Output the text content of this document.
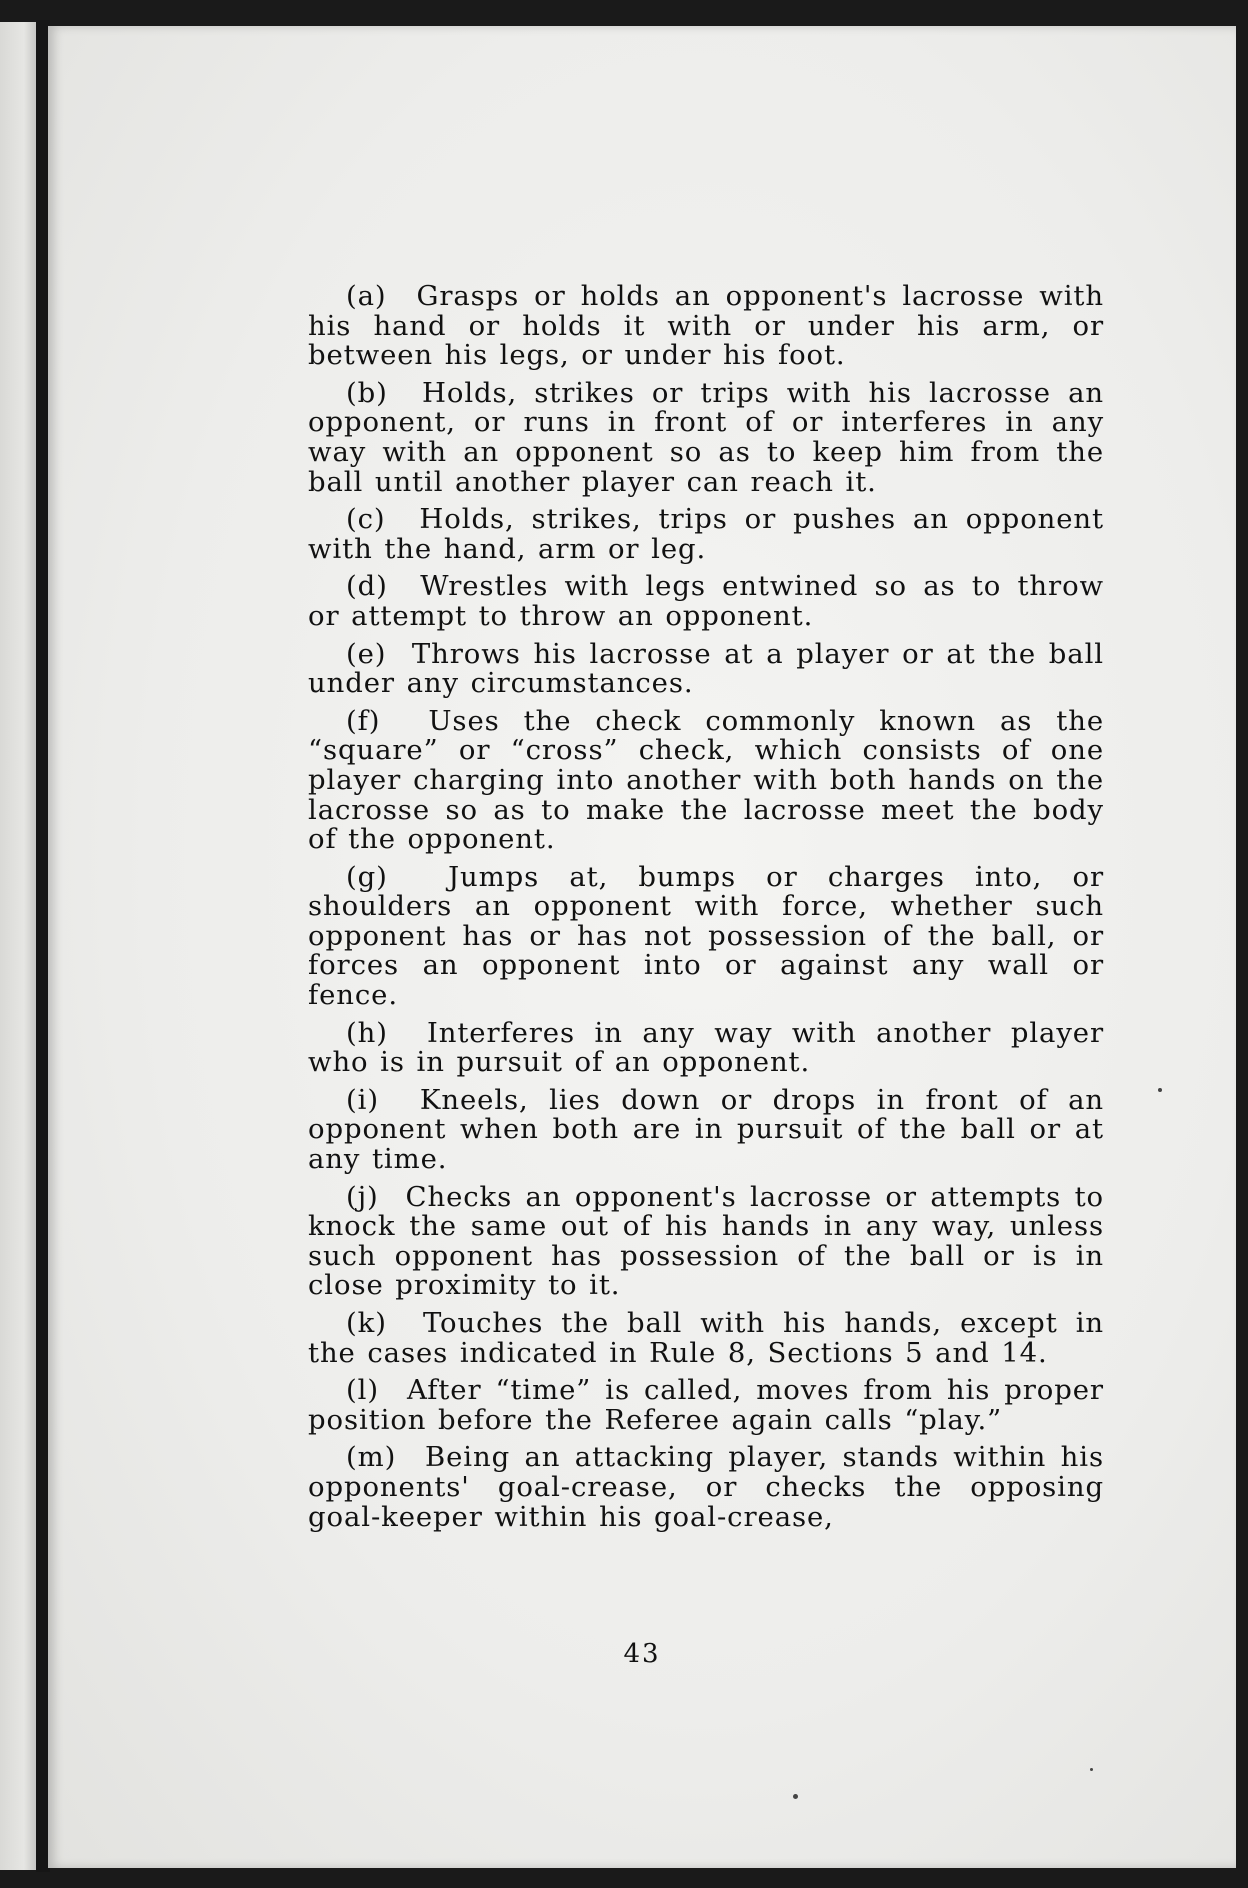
(a) Grasps or holds an opponent's lacrosse with his hand or holds it with or under his arm, or between his legs, or under his foot.

(b) Holds, strikes or trips with his lacrosse an opponent, or runs in front of or interferes in any way with an opponent so as to keep him from the ball until another player can reach it.

(c) Holds, strikes, trips or pushes an opponent with the hand, arm or leg.

(d) Wrestles with legs entwined so as to throw or attempt to throw an opponent.

(e) Throws his lacrosse at a player or at the ball under any circumstances.

(f) Uses the check commonly known as the “square” or “cross” check, which consists of one player charging into another with both hands on the lacrosse so as to make the lacrosse meet the body of the opponent.

(g) Jumps at, bumps or charges into, or shoulders an opponent with force, whether such opponent has or has not possession of the ball, or forces an opponent into or against any wall or fence.

(h) Interferes in any way with another player who is in pursuit of an opponent.

(i) Kneels, lies down or drops in front of an opponent when both are in pursuit of the ball or at any time.

(j) Checks an opponent's lacrosse or attempts to knock the same out of his hands in any way, unless such opponent has possession of the ball or is in close proximity to it.

(k) Touches the ball with his hands, except in the cases indicated in Rule 8, Sections 5 and 14.

(l) After “time” is called, moves from his proper position before the Referee again calls “play.”

(m) Being an attacking player, stands within his opponents' goal-crease, or checks the opposing goal-keeper within his goal-crease,

43
